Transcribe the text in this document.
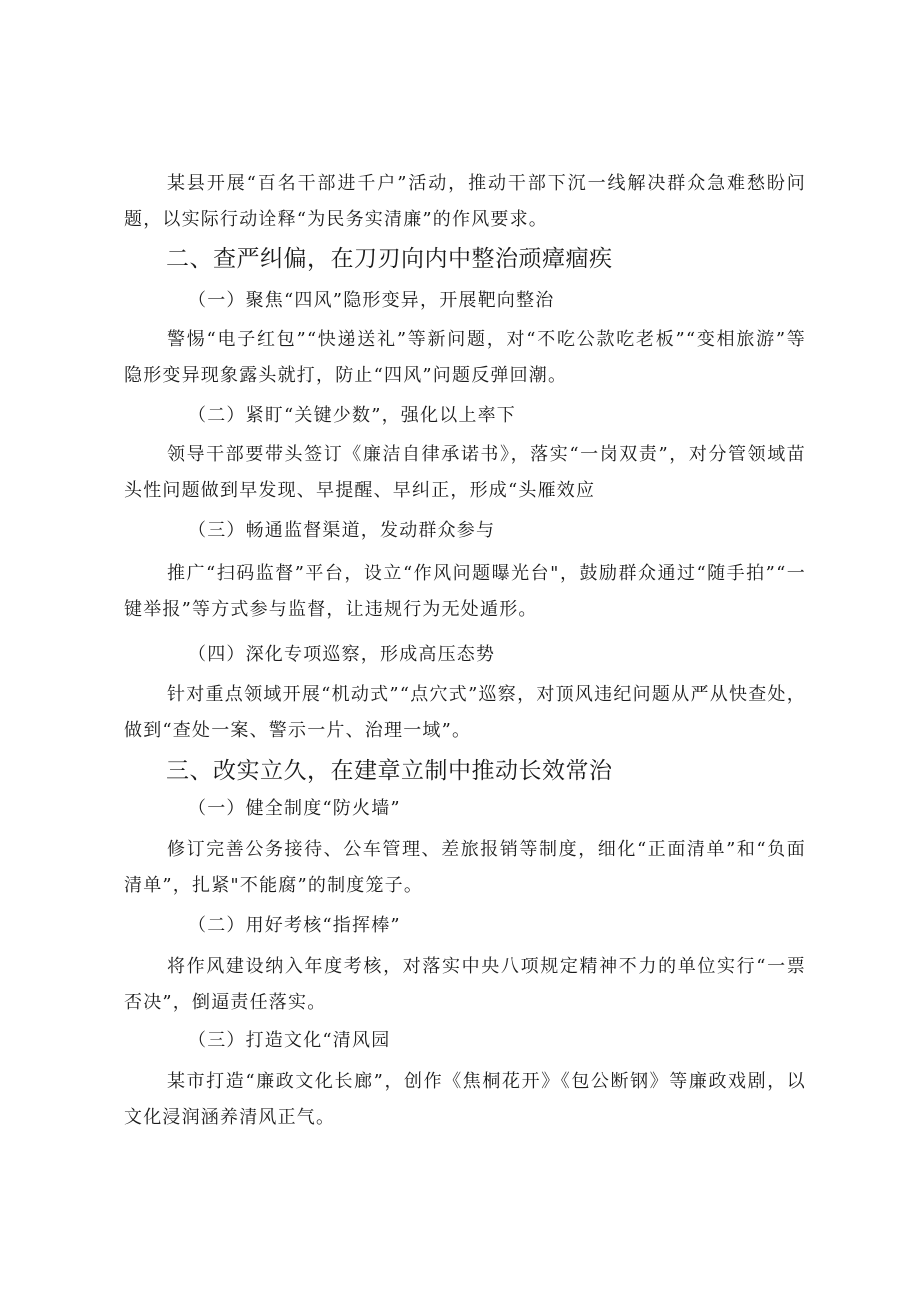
某县开展“百名干部进千户”活动，推动干部下沉一线解决群众急难愁盼问题，以实际行动诠释“为民务实清廉”的作风要求。

二、查严纠偏，在刀刃向内中整治顽瘴痼疾

（一）聚焦“四风”隐形变异，开展靶向整治

警惕“电子红包”“快递送礼”等新问题，对“不吃公款吃老板”“变相旅游”等隐形变异现象露头就打，防止“四风”问题反弹回潮。

（二）紧盯“关键少数”，强化以上率下

领导干部要带头签订《廉洁自律承诺书》，落实“一岗双责”，对分管领域苗头性问题做到早发现、早提醒、早纠正，形成“头雁效应

（三）畅通监督渠道，发动群众参与

推广“扫码监督”平台，设立“作风问题曝光台"，鼓励群众通过“随手拍”“一键举报”等方式参与监督，让违规行为无处遁形。

（四）深化专项巡察，形成高压态势

针对重点领域开展“机动式”“点穴式”巡察，对顶风违纪问题从严从快查处，做到“查处一案、警示一片、治理一域”。

三、改实立久，在建章立制中推动长效常治

（一）健全制度“防火墙”

修订完善公务接待、公车管理、差旅报销等制度，细化“正面清单”和“负面清单”，扎紧"不能腐”的制度笼子。

（二）用好考核“指挥棒”

将作风建设纳入年度考核，对落实中央八项规定精神不力的单位实行“一票否决”，倒逼责任落实。

（三）打造文化“清风园

某市打造“廉政文化长廊”，创作《焦桐花开》《包公断钢》等廉政戏剧，以文化浸润涵养清风正气。
